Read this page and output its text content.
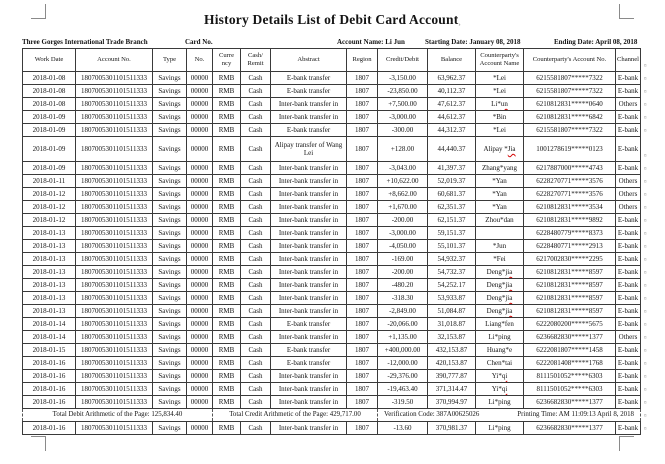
History Details List of Debit Card Account ¸
Three Gorges International Trade Branch	Card No.	Account Name: Li Jun	Starting Date: January 08, 2018	Ending Date: April 08, 2018
Work Date	Account No.	Type	No.	Curre ncy	Cash/ Remit	Abstract	Region	Credit/Debit	Balance	Counterparty's Account Name	Counterparty's Account No.	Channel
2018-01-08	1807005301101511333	Savings	00000	RMB	Cash	E-bank transfer	1807	-3,150.00	63,962.37	*Lei	6215581807*****7322	E-bank
2018-01-08	1807005301101511333	Savings	00000	RMB	Cash	E-bank transfer	1807	-23,850.00	40,112.37	*Lei	6215581807*****7322	E-bank
2018-01-08	1807005301101511333	Savings	00000	RMB	Cash	Inter-bank transfer in	1807	+7,500.00	47,612.37	Li*un	6210812831*****0640	Others
2018-01-09	1807005301101511333	Savings	00000	RMB	Cash	Inter-bank transfer in	1807	-3,000.00	44,612.37	*Bin	6210812831*****6842	E-bank
2018-01-09	1807005301101511333	Savings	00000	RMB	Cash	E-bank transfer	1807	-300.00	44,312.37	*Lei	6215581807*****7322	E-bank
2018-01-09	1807005301101511333	Savings	00000	RMB	Cash	Alipay transfer of Wang Lei	1807	+128.00	44,440.37	Alipay *Jia	1001278619*****0123	E-bank
2018-01-09	1807005301101511333	Savings	00000	RMB	Cash	Inter-bank transfer in	1807	-3,043.00	41,397.37	Zhang*yang	6217887000*****4743	E-bank
2018-01-11	1807005301101511333	Savings	00000	RMB	Cash	Inter-bank transfer in	1807	+10,622.00	52,019.37	*Yan	6228270771*****3576	Others
2018-01-12	1807005301101511333	Savings	00000	RMB	Cash	Inter-bank transfer in	1807	+8,662.00	60,681.37	*Yan	6228270771*****3576	Others
2018-01-12	1807005301101511333	Savings	00000	RMB	Cash	Inter-bank transfer in	1807	+1,670.00	62,351.37	*Yan	6210812831*****3534	Others
2018-01-12	1807005301101511333	Savings	00000	RMB	Cash	Inter-bank transfer in	1807	-200.00	62,151.37	Zhou*dan	6210812831*****9892	E-bank
2018-01-13	1807005301101511333	Savings	00000	RMB	Cash	Inter-bank transfer in	1807	-3,000.00	59,151.37		6228480779*****8373	E-bank
2018-01-13	1807005301101511333	Savings	00000	RMB	Cash	Inter-bank transfer in	1807	-4,050.00	55,101.37	*Jun	6228480771*****2913	E-bank
2018-01-13	1807005301101511333	Savings	00000	RMB	Cash	Inter-bank transfer in	1807	-169.00	54,932.37	*Fei	6217002830*****2295	E-bank
2018-01-13	1807005301101511333	Savings	00000	RMB	Cash	Inter-bank transfer in	1807	-200.00	54,732.37	Deng*jia	6210812831*****8597	E-bank
2018-01-13	1807005301101511333	Savings	00000	RMB	Cash	Inter-bank transfer in	1807	-480.20	54,252.17	Deng*jia	6210812831*****8597	E-bank
2018-01-13	1807005301101511333	Savings	00000	RMB	Cash	Inter-bank transfer in	1807	-318.30	53,933.87	Deng*jia	6210812831*****8597	E-bank
2018-01-13	1807005301101511333	Savings	00000	RMB	Cash	Inter-bank transfer in	1807	-2,849.00	51,084.87	Deng*jia	6210812831*****8597	E-bank
2018-01-14	1807005301101511333	Savings	00000	RMB	Cash	E-bank transfer	1807	-20,066.00	31,018.87	Liang*fen	6222080200*****5675	E-bank
2018-01-14	1807005301101511333	Savings	00000	RMB	Cash	Inter-bank transfer in	1807	+1,135.00	32,153.87	Li*ping	6236682830*****1377	Others
2018-01-15	1807005301101511333	Savings	00000	RMB	Cash	E-bank transfer	1807	+400,000.00	432,153.87	Huang*e	6222081807*****1458	E-bank
2018-01-16	1807005301101511333	Savings	00000	RMB	Cash	E-bank transfer	1807	-12,000.00	420,153.87	Chen*tai	6222081408*****1768	E-bank
2018-01-16	1807005301101511333	Savings	00000	RMB	Cash	Inter-bank transfer in	1807	-29,376.00	390,777.87	Yi*qi	8111501052*****6303	E-bank
2018-01-16	1807005301101511333	Savings	00000	RMB	Cash	Inter-bank transfer in	1807	-19,463.40	371,314.47	Yi*qi	8111501052*****6303	E-bank
2018-01-16	1807005301101511333	Savings	00000	RMB	Cash	Inter-bank transfer in	1807	-319.50	370,994.97	Li*ping	6236682830*****1377	E-bank
Total Debit Arithmetic of the Page: 125,834.40				Total Credit Arithmetic of the Page: 429,717.00				Verification Code: 387A00625026 Printing Time: AM 11:09:13 April 8, 2018				

2018-01-16	1807005301101511333	Savings	00000	RMB	Cash	Inter-bank transfer in	1807	-13.60	370,981.37	Li*ping	6236682830*****1377	E-bank
¤
¤
¤
¤
¤
¤
¤
¤
¤
¤
¤
¤
¤
¤
¤
¤
¤
¤
¤
¤
¤
¤
¤
¤
¤
¤
¤
¤
